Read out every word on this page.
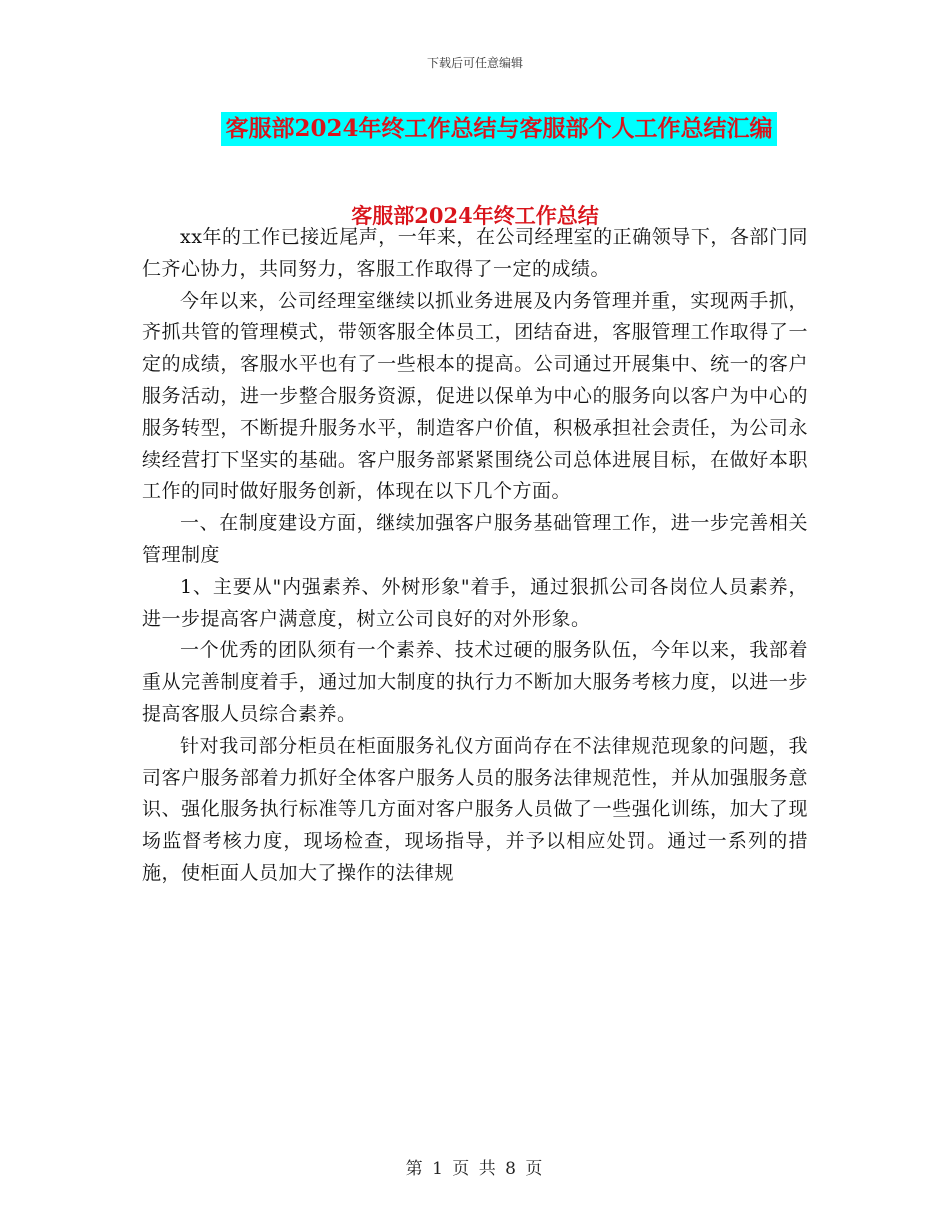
下载后可任意编辑
客服部2024年终工作总结与客服部个人工作总结汇编
客服部2024年终工作总结

xx年的工作已接近尾声，一年来，在公司经理室的正确领导下，各部门同仁齐心协力，共同努力，客服工作取得了一定的成绩。

今年以来，公司经理室继续以抓业务进展及内务管理并重，实现两手抓，齐抓共管的管理模式，带领客服全体员工，团结奋进，客服管理工作取得了一定的成绩，客服水平也有了一些根本的提高。公司通过开展集中、统一的客户服务活动，进一步整合服务资源，促进以保单为中心的服务向以客户为中心的服务转型，不断提升服务水平，制造客户价值，积极承担社会责任，为公司永续经营打下坚实的基础。客户服务部紧紧围绕公司总体进展目标，在做好本职工作的同时做好服务创新，体现在以下几个方面。

一、在制度建设方面，继续加强客户服务基础管理工作，进一步完善相关管理制度

1、主要从"内强素养、外树形象"着手，通过狠抓公司各岗位人员素养，进一步提高客户满意度，树立公司良好的对外形象。

一个优秀的团队须有一个素养、技术过硬的服务队伍，今年以来，我部着重从完善制度着手，通过加大制度的执行力不断加大服务考核力度，以进一步提高客服人员综合素养。

针对我司部分柜员在柜面服务礼仪方面尚存在不法律规范现象的问题，我司客户服务部着力抓好全体客户服务人员的服务法律规范性，并从加强服务意识、强化服务执行标准等几方面对客户服务人员做了一些强化训练，加大了现场监督考核力度，现场检查，现场指导，并予以相应处罚。通过一系列的措施，使柜面人员加大了操作的法律规

第 1 页 共 8 页
